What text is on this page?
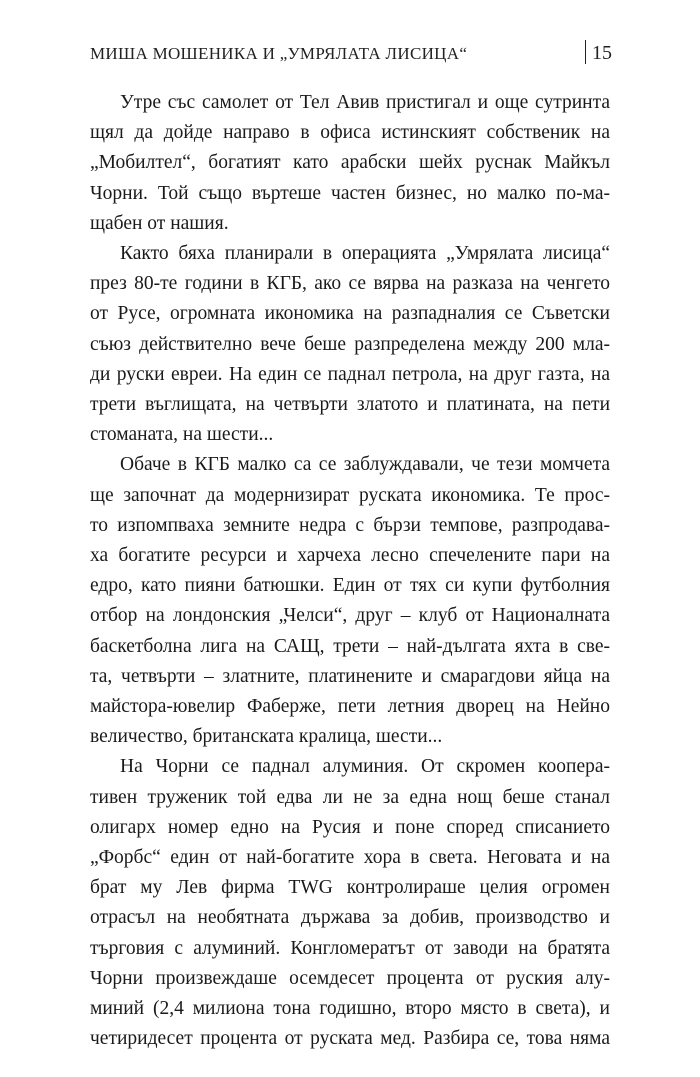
МИША МОШЕНИКА И „УМРЯЛАТА ЛИСИЦА“	15

Утре със самолет от Тел Авив пристигал и още сутринта
щял да дойде направо в офиса истинският собственик на
„Мобилтел“, богатият като арабски шейх руснак Майкъл
Чорни. Той също въртеше частен бизнес, но малко по-ма-
щабен от нашия.

Както бяха планирали в операцията „Умрялата лисица“
през 80-те години в КГБ, ако се вярва на разказа на ченгето
от Русе, огромната икономика на разпадналия се Съветски
съюз действително вече беше разпределена между 200 мла-
ди руски евреи. На един се паднал петрола, на друг газта, на
трети въглищата, на четвърти златото и платината, на пети
стоманата, на шести...

Обаче в КГБ малко са се заблуждавали, че тези момчета
ще започнат да модернизират руската икономика. Те прос-
то изпомпваха земните недра с бързи темпове, разпродава-
ха богатите ресурси и харчеха лесно спечелените пари на
едро, като пияни батюшки. Един от тях си купи футболния
отбор на лондонския „Челси“, друг – клуб от Националната
баскетболна лига на САЩ, трети – най-дългата яхта в све-
та, четвърти – златните, платинените и смарагдови яйца на
майстора-ювелир Фаберже, пети летния дворец на Нейно
величество, британската кралица, шести...

На Чорни се паднал алуминия. От скромен коопера-
тивен труженик той едва ли не за една нощ беше станал
олигарх номер едно на Русия и поне според списанието
„Форбс“ един от най-богатите хора в света. Неговата и на
брат му Лев фирма TWG контролираше целия огромен
отрасъл на необятната държава за добив, производство и
търговия с алуминий. Конгломератът от заводи на братята
Чорни произвеждаше осемдесет процента от руския алу-
миний (2,4 милиона тона годишно, второ място в света), и
четиридесет процента от руската мед. Разбира се, това няма
